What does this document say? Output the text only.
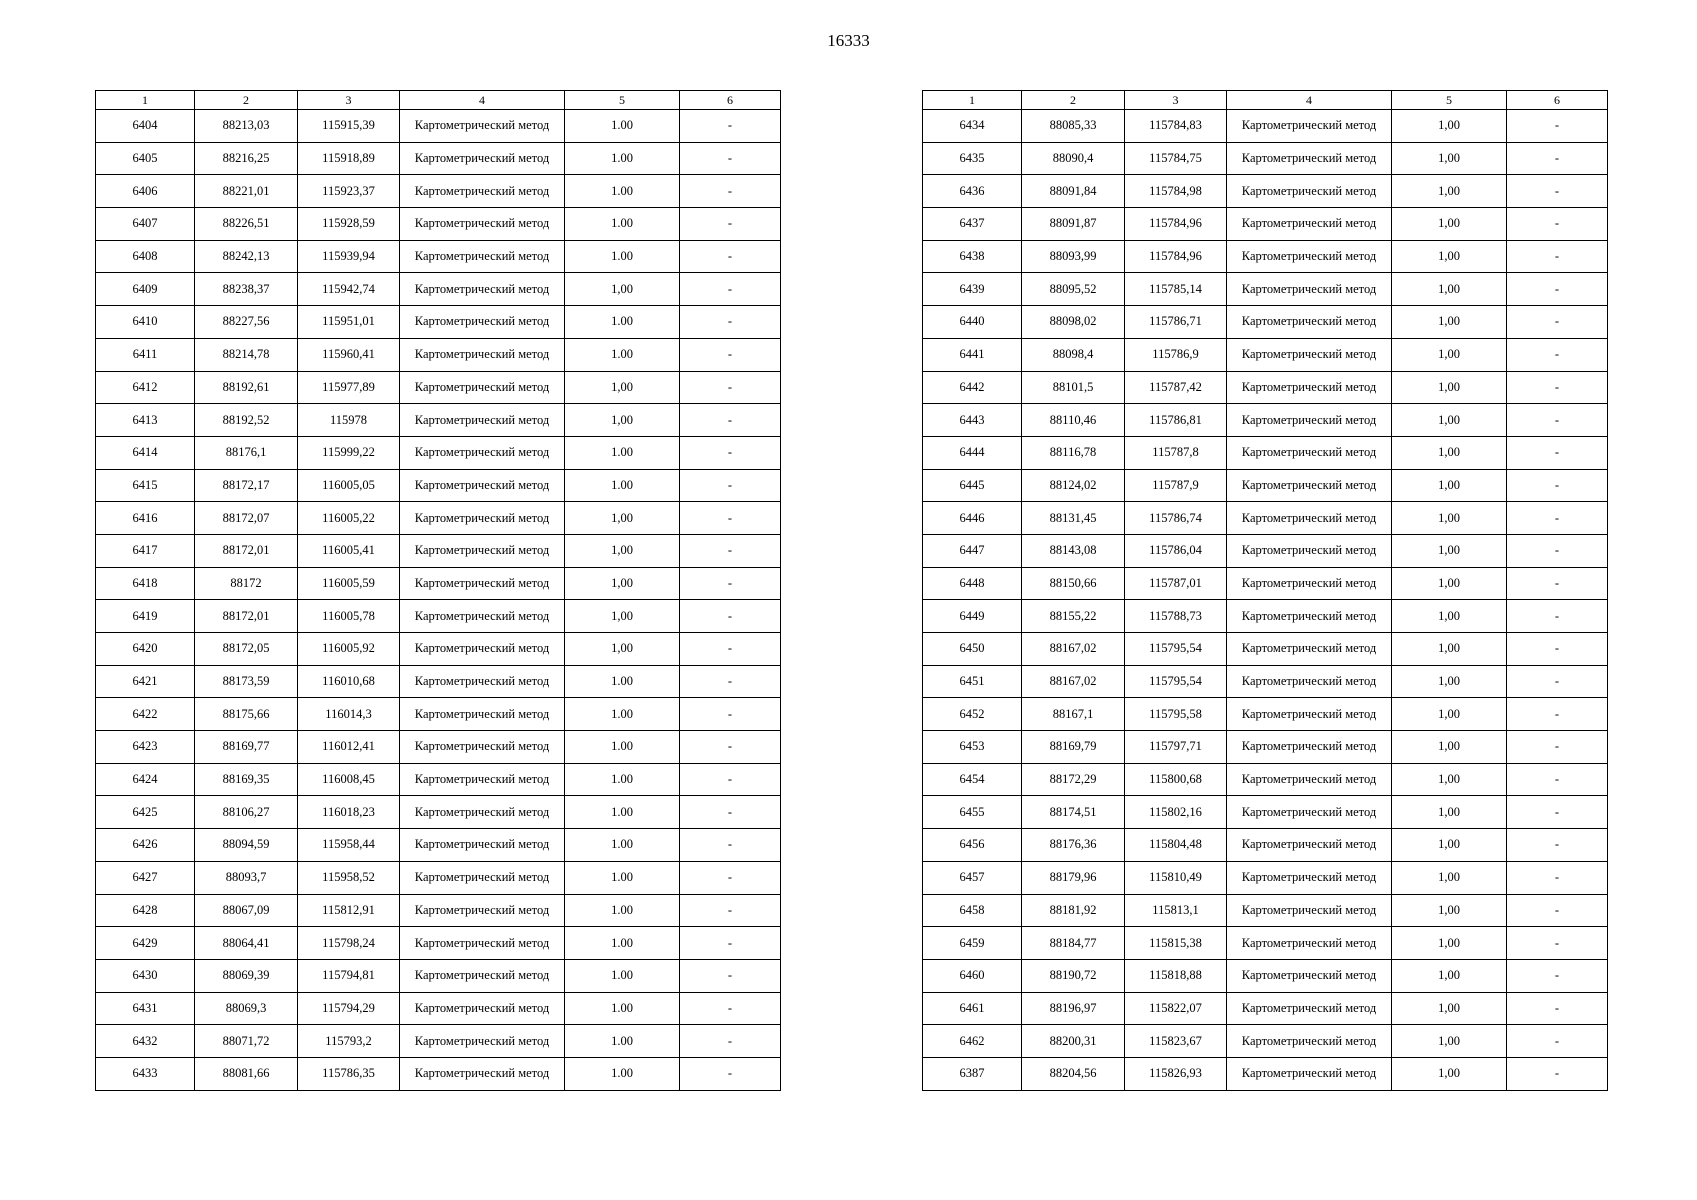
16333
1	2	3	4	5	6
6404	88213,03	115915,39	Картометрический метод	1.00	-
6405	88216,25	115918,89	Картометрический метод	1.00	-
6406	88221,01	115923,37	Картометрический метод	1.00	-
6407	88226,51	115928,59	Картометрический метод	1.00	-
6408	88242,13	115939,94	Картометрический метод	1.00	-
6409	88238,37	115942,74	Картометрический метод	1,00	-
6410	88227,56	115951,01	Картометрический метод	1.00	-
6411	88214,78	115960,41	Картометрический метод	1.00	-
6412	88192,61	115977,89	Картометрический метод	1,00	-
6413	88192,52	115978	Картометрический метод	1,00	-
6414	88176,1	115999,22	Картометрический метод	1.00	-
6415	88172,17	116005,05	Картометрический метод	1.00	-
6416	88172,07	116005,22	Картометрический метод	1,00	-
6417	88172,01	116005,41	Картометрический метод	1,00	-
6418	88172	116005,59	Картометрический метод	1,00	-
6419	88172,01	116005,78	Картометрический метод	1,00	-
6420	88172,05	116005,92	Картометрический метод	1,00	-
6421	88173,59	116010,68	Картометрический метод	1.00	-
6422	88175,66	116014,3	Картометрический метод	1.00	-
6423	88169,77	116012,41	Картометрический метод	1.00	-
6424	88169,35	116008,45	Картометрический метод	1.00	-
6425	88106,27	116018,23	Картометрический метод	1.00	-
6426	88094,59	115958,44	Картометрический метод	1.00	-
6427	88093,7	115958,52	Картометрический метод	1.00	-
6428	88067,09	115812,91	Картометрический метод	1.00	-
6429	88064,41	115798,24	Картометрический метод	1.00	-
6430	88069,39	115794,81	Картометрический метод	1.00	-
6431	88069,3	115794,29	Картометрический метод	1.00	-
6432	88071,72	115793,2	Картометрический метод	1.00	-
6433	88081,66	115786,35	Картометрический метод	1.00	-
1	2	3	4	5	6
6434	88085,33	115784,83	Картометрический метод	1,00	-
6435	88090,4	115784,75	Картометрический метод	1,00	-
6436	88091,84	115784,98	Картометрический метод	1,00	-
6437	88091,87	115784,96	Картометрический метод	1,00	-
6438	88093,99	115784,96	Картометрический метод	1,00	-
6439	88095,52	115785,14	Картометрический метод	1,00	-
6440	88098,02	115786,71	Картометрический метод	1,00	-
6441	88098,4	115786,9	Картометрический метод	1,00	-
6442	88101,5	115787,42	Картометрический метод	1,00	-
6443	88110,46	115786,81	Картометрический метод	1,00	-
6444	88116,78	115787,8	Картометрический метод	1,00	-
6445	88124,02	115787,9	Картометрический метод	1,00	-
6446	88131,45	115786,74	Картометрический метод	1,00	-
6447	88143,08	115786,04	Картометрический метод	1,00	-
6448	88150,66	115787,01	Картометрический метод	1,00	-
6449	88155,22	115788,73	Картометрический метод	1,00	-
6450	88167,02	115795,54	Картометрический метод	1,00	-
6451	88167,02	115795,54	Картометрический метод	1,00	-
6452	88167,1	115795,58	Картометрический метод	1,00	-
6453	88169,79	115797,71	Картометрический метод	1,00	-
6454	88172,29	115800,68	Картометрический метод	1,00	-
6455	88174,51	115802,16	Картометрический метод	1,00	-
6456	88176,36	115804,48	Картометрический метод	1,00	-
6457	88179,96	115810,49	Картометрический метод	1,00	-
6458	88181,92	115813,1	Картометрический метод	1,00	-
6459	88184,77	115815,38	Картометрический метод	1,00	-
6460	88190,72	115818,88	Картометрический метод	1,00	-
6461	88196,97	115822,07	Картометрический метод	1,00	-
6462	88200,31	115823,67	Картометрический метод	1,00	-
6387	88204,56	115826,93	Картометрический метод	1,00	-
